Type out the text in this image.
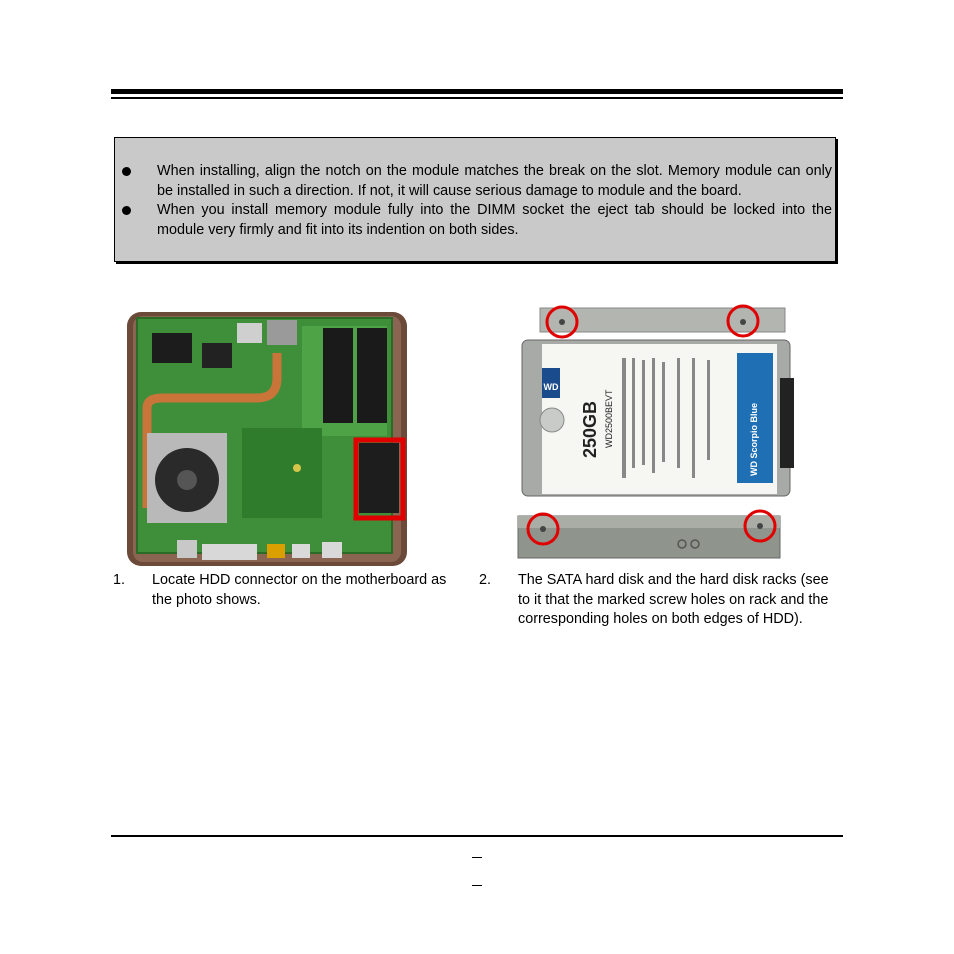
When installing, align the notch on the module matches the break on the slot. Memory module can only be installed in such a direction. If not, it will cause serious damage to module and the board.
When you install memory module fully into the DIMM socket the eject tab should be locked into the module very firmly and fit into its indention on both sides.
WD
250GB WD2500BEVT	WD Scorpio Blue
1. Locate HDD connector on the motherboard as the photo shows.
2. The SATA hard disk and the hard disk racks (see to it that the marked screw holes on rack and the corresponding holes on both edges of HDD).
